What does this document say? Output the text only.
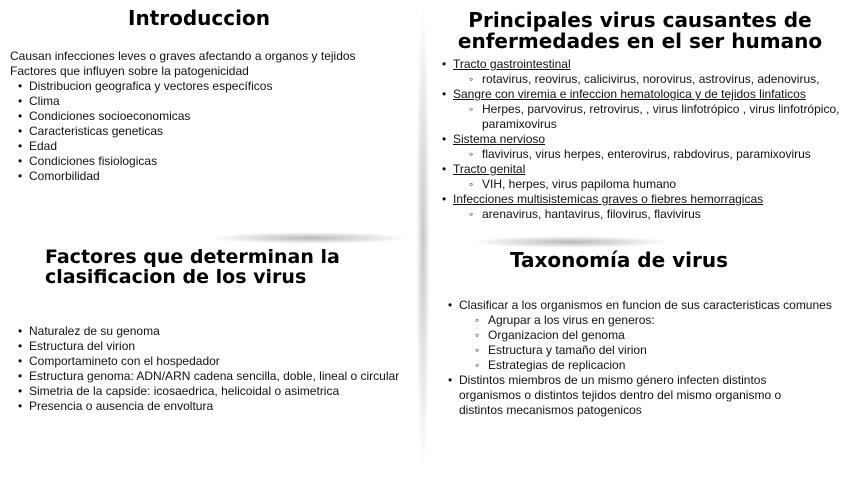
Introduccion
Causan infecciones leves o graves afectando a organos y tejidos
Factores que influyen sobre la patogenicidad
• Distribucion geografica y vectores específicos
• Clima
• Condiciones socioeconomicas
• Caracteristicas geneticas
• Edad
• Condiciones fisiologicas
• Comorbilidad
Principales virus causantes de
enfermedades en el ser humano
• Tracto gastrointestinal
◦ rotavirus, reovirus, calicivirus, norovirus, astrovirus, adenovirus,
• Sangre con viremia e infeccion hematologica y de tejidos linfaticos
◦ Herpes, parvovirus, retrovirus, , virus linfotrópico , virus linfotrópico, paramixovirus
• Sistema nervioso
◦ flavivirus, virus herpes, enterovirus, rabdovirus, paramixovirus
• Tracto genital
◦ VIH, herpes, virus papiloma humano
• Infecciones multisistemicas graves o fiebres hemorragicas
◦ arenavirus, hantavirus, filovirus, flavivirus
Factores que determinan la
clasificacion de los virus
• Naturalez de su genoma
• Estructura del virion
• Comportamineto con el hospedador
• Estructura genoma: ADN/ARN cadena sencilla, doble, lineal o circular
• Simetria de la capside: icosaedrica, helicoidal o asimetrica
• Presencia o ausencia de envoltura
Taxonomía de virus
• Clasificar a los organismos en funcion de sus caracteristicas comunes
◦ Agrupar a los virus en generos:
◦ Organizacion del genoma
◦ Estructura y tamaño del virion
◦ Estrategias de replicacion
• Distintos miembros de un mismo género infecten distintos organismos o distintos tejidos dentro del mismo organismo o distintos mecanismos patogenicos
